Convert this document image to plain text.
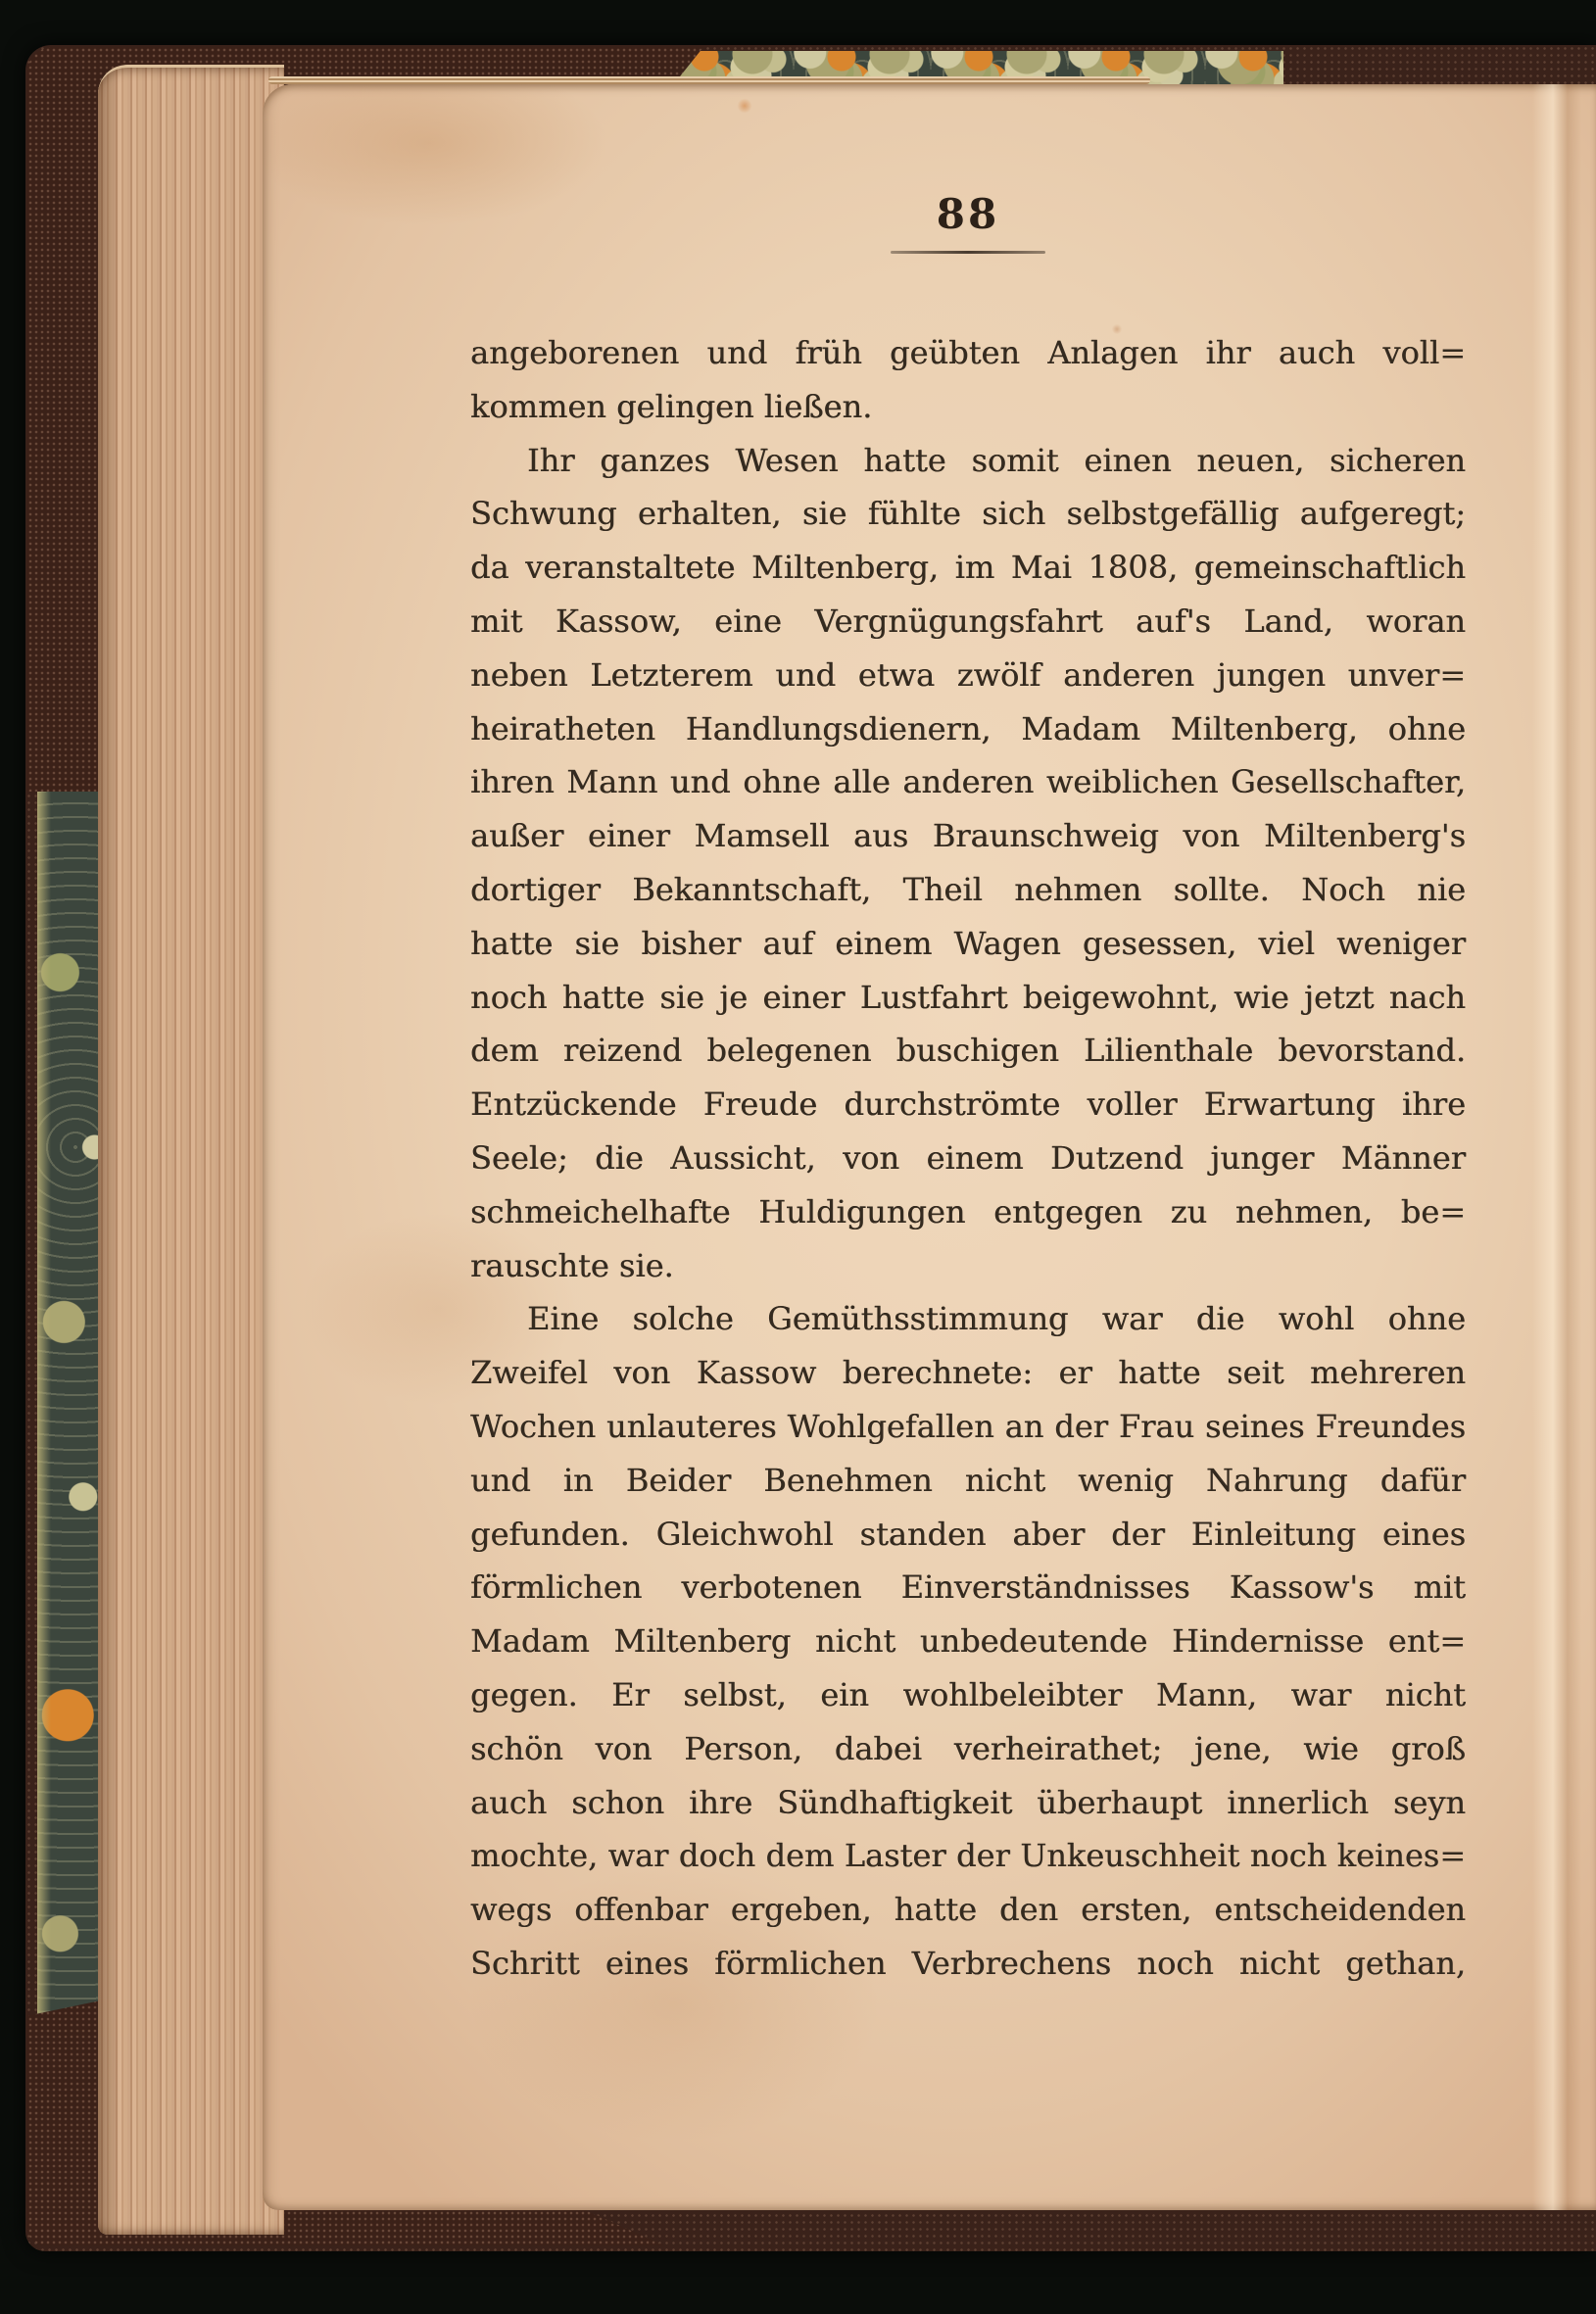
88
angeborenen und früh geübten Anlagen ihr auch voll=
kommen gelingen ließen.
Ihr ganzes Wesen hatte somit einen neuen, sicheren
Schwung erhalten, sie fühlte sich selbstgefällig aufgeregt;
da veranstaltete Miltenberg, im Mai 1808, gemeinschaftlich
mit Kassow, eine Vergnügungsfahrt auf's Land, woran
neben Letzterem und etwa zwölf anderen jungen unver=
heiratheten Handlungsdienern, Madam Miltenberg, ohne
ihren Mann und ohne alle anderen weiblichen Gesellschafter,
außer einer Mamsell aus Braunschweig von Miltenberg's
dortiger Bekanntschaft, Theil nehmen sollte. Noch nie
hatte sie bisher auf einem Wagen gesessen, viel weniger
noch hatte sie je einer Lustfahrt beigewohnt, wie jetzt nach
dem reizend belegenen buschigen Lilienthale bevorstand.
Entzückende Freude durchströmte voller Erwartung ihre
Seele; die Aussicht, von einem Dutzend junger Männer
schmeichelhafte Huldigungen entgegen zu nehmen, be=
rauschte sie.
Eine solche Gemüthsstimmung war die wohl ohne
Zweifel von Kassow berechnete: er hatte seit mehreren
Wochen unlauteres Wohlgefallen an der Frau seines Freundes
und in Beider Benehmen nicht wenig Nahrung dafür
gefunden. Gleichwohl standen aber der Einleitung eines
förmlichen verbotenen Einverständnisses Kassow's mit
Madam Miltenberg nicht unbedeutende Hindernisse ent=
gegen. Er selbst, ein wohlbeleibter Mann, war nicht
schön von Person, dabei verheirathet; jene, wie groß
auch schon ihre Sündhaftigkeit überhaupt innerlich seyn
mochte, war doch dem Laster der Unkeuschheit noch keines=
wegs offenbar ergeben, hatte den ersten, entscheidenden
Schritt eines förmlichen Verbrechens noch nicht gethan,
